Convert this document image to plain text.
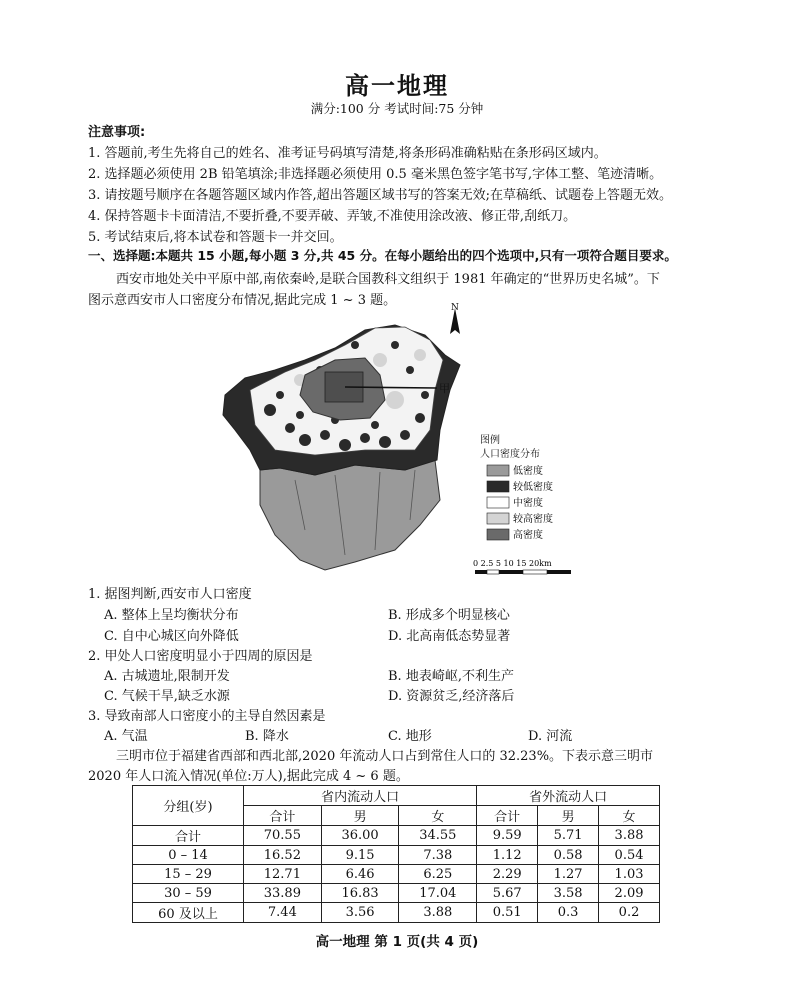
高一地理
满分:100 分 考试时间:75 分钟
注意事项:
1. 答题前,考生先将自己的姓名、准考证号码填写清楚,将条形码准确粘贴在条形码区域内。
2. 选择题必须使用 2B 铅笔填涂;非选择题必须使用 0.5 毫米黑色签字笔书写,字体工整、笔迹清晰。
3. 请按题号顺序在各题答题区域内作答,超出答题区域书写的答案无效;在草稿纸、试题卷上答题无效。
4. 保持答题卡卡面清洁,不要折叠,不要弄破、弄皱,不准使用涂改液、修正带,刮纸刀。
5. 考试结束后,将本试卷和答题卡一并交回。
一、选择题:本题共 15 小题,每小题 3 分,共 45 分。在每小题给出的四个选项中,只有一项符合题目要求。
西安市地处关中平原中部,南依秦岭,是联合国教科文组织于 1981 年确定的“世界历史名城”。下
图示意西安市人口密度分布情况,据此完成 1 ~ 3 题。
甲
N
图例
人口密度分布
低密度
较低密度
中密度
较高密度
高密度
0 2.5 5 10 15 20km
1. 据图判断,西安市人口密度
A. 整体上呈均衡状分布	B. 形成多个明显核心
C. 自中心城区向外降低	D. 北高南低态势显著
2. 甲处人口密度明显小于四周的原因是
A. 古城遗址,限制开发	B. 地表崎岖,不利生产
C. 气候干旱,缺乏水源	D. 资源贫乏,经济落后
3. 导致南部人口密度小的主导自然因素是
A. 气温	B. 降水	C. 地形	D. 河流
三明市位于福建省西部和西北部,2020 年流动人口占到常住人口的 32.23%。下表示意三明市
2020 年人口流入情况(单位:万人),据此完成 4 ~ 6 题。
分组(岁)	省内流动人口			省外流动人口		
	合计	男	女	合计	男	女
合计	70.55	36.00	34.55	9.59	5.71	3.88
0 – 14	16.52	9.15	7.38	1.12	0.58	0.54
15 – 29	12.71	6.46	6.25	2.29	1.27	1.03
30 – 59	33.89	16.83	17.04	5.67	3.58	2.09
60 及以上	7.44	3.56	3.88	0.51	0.3	0.2
高一地理 第 1 页(共 4 页)
